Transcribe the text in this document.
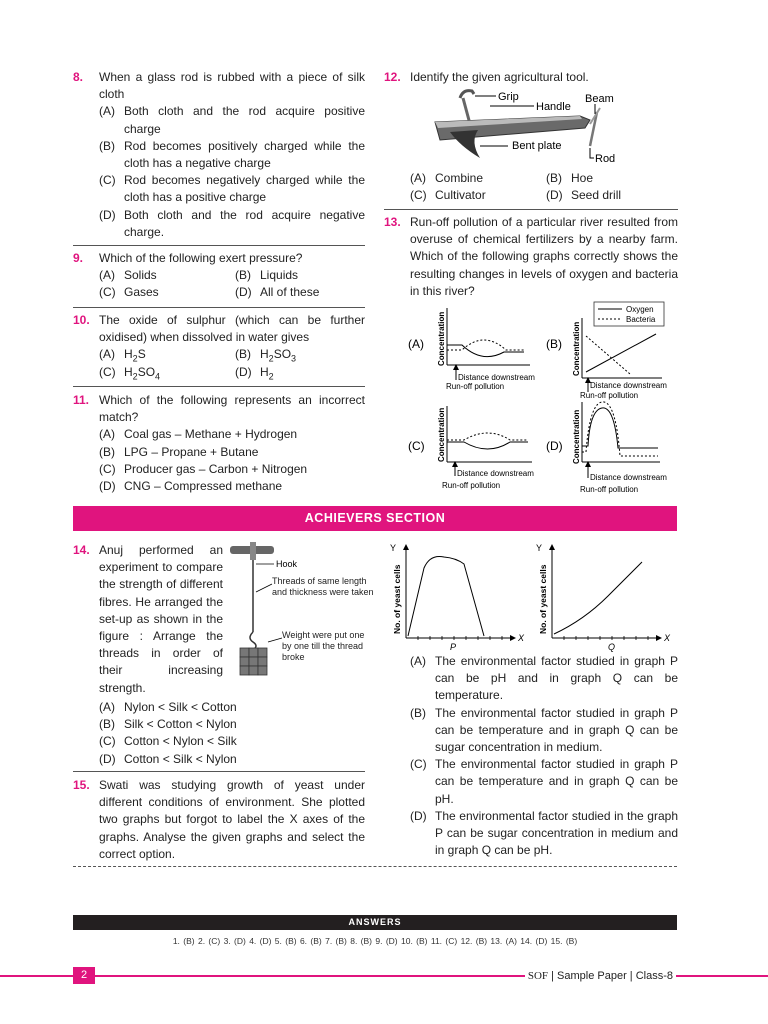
8.	When a glass rod is rubbed with a piece of silk cloth
(A) Both cloth and the rod acquire positive charge
(B) Rod becomes positively charged while the cloth has a negative charge
(C) Rod becomes negatively charged while the cloth has a positive charge
(D) Both cloth and the rod acquire negative charge.
9.	Which of the following exert pressure?
(A) Solids	(B) Liquids
(C) Gases	(D) All of these
10. The oxide of sulphur (which can be further oxidised) when dissolved in water gives
(A) $H_2S$	(B) $H_2SO_3$
(C) $H_2SO_4$	(D) $H_2$
11. Which of the following represents an incorrect match?
(A) Coal gas – Methane + Hydrogen
(B) LPG – Propane + Butane
(C) Producer gas – Carbon + Nitrogen
(D) CNG – Compressed methane
12. Identify the given agricultural tool.
Grip
Handle
Beam
Bent plate
Rod
(A) Combine	(B) Hoe
(C) Cultivator	(D) Seed drill
13. Run-off pollution of a particular river resulted from overuse of chemical fertilizers by a nearby farm. Which of the following graphs correctly shows the resulting changes in levels of oxygen and bacteria in this river?
Oxygen
Bacteria
(A) Concentration
Distance downstream
Run-off pollution
(B) Concentration
Distance downstream
Run-off pollution
(C) Concentration
Distance downstream
Run-off pollution
(D) Concentration
Distance downstream
Run-off pollution
ACHIEVERS SECTION
14. Anuj performed an experiment to compare the strength of different fibres. He arranged the set-up as shown in the figure : Arrange the threads in order of their increasing strength.
Hook
Threads of same length and thickness were taken
Weight were put one by one till the thread broke
(A) Nylon < Silk < Cotton
(B) Silk < Cotton < Nylon
(C) Cotton < Nylon < Silk
(D) Cotton < Silk < Nylon
15. Swati was studying growth of yeast under different conditions of environment. She plotted two graphs but forgot to label the X axes of the graphs. Analyse the given graphs and select the correct option.
Y
No. of yeast cells
X
P
Y
No. of yeast cells
X
Q
(A) The environmental factor studied in graph P can be pH and in graph Q can be temperature.
(B) The environmental factor studied in graph P can be temperature and in graph Q can be sugar concentration in medium.
(C) The environmental factor studied in graph P can be temperature and in graph Q can be pH.
(D) The environmental factor studied in the graph P can be sugar concentration in medium and in graph Q can be pH.
ANSWERS
1. (B) 2. (C) 3. (D) 4. (D) 5. (B) 6. (B) 7. (B) 8. (B) 9. (D) 10. (B) 11. (C) 12. (B) 13. (A) 14. (D) 15. (B)
2	SOF | Sample Paper | Class-8
